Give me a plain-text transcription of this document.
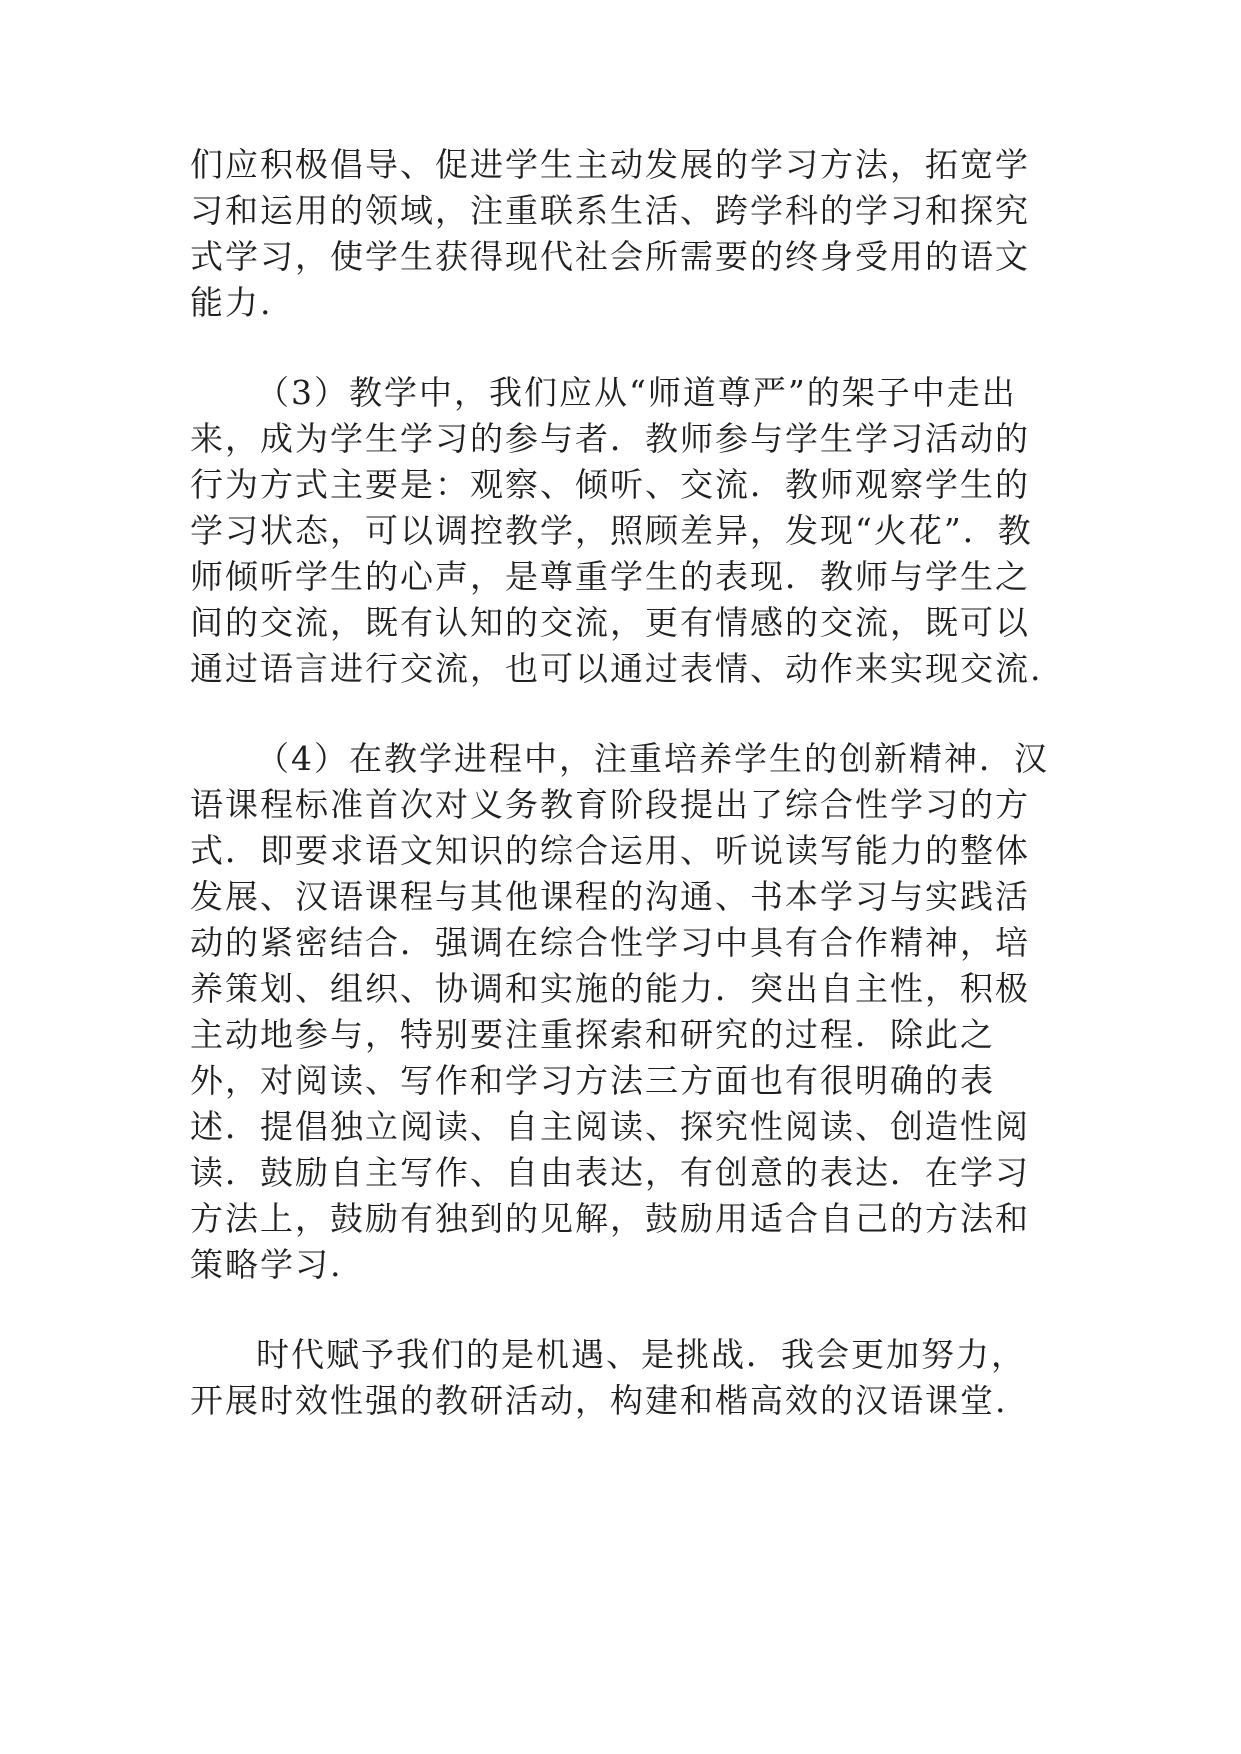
们应积极倡导、促进学生主动发展的学习方法，拓宽学习和运用的领域，注重联系生活、跨学科的学习和探究式学习，使学生获得现代社会所需要的终身受用的语文能力.

（3）教学中，我们应从“师道尊严”的架子中走出来，成为学生学习的参与者．教师参与学生学习活动的行为方式主要是：观察、倾听、交流．教师观察学生的学习状态，可以调控教学，照顾差异，发现“火花”．教师倾听学生的心声，是尊重学生的表现．教师与学生之间的交流，既有认知的交流，更有情感的交流，既可以通过语言进行交流，也可以通过表情、动作来实现交流.

（4）在教学进程中，注重培养学生的创新精神．汉语课程标准首次对义务教育阶段提出了综合性学习的方式．即要求语文知识的综合运用、听说读写能力的整体发展、汉语课程与其他课程的沟通、书本学习与实践活动的紧密结合．强调在综合性学习中具有合作精神，培养策划、组织、协调和实施的能力．突出自主性，积极主动地参与，特别要注重探索和研究的过程．除此之外，对阅读、写作和学习方法三方面也有很明确的表述．提倡独立阅读、自主阅读、探究性阅读、创造性阅读．鼓励自主写作、自由表达，有创意的表达．在学习方法上，鼓励有独到的见解，鼓励用适合自己的方法和策略学习.

时代赋予我们的是机遇、是挑战．我会更加努力，开展时效性强的教研活动，构建和楷高效的汉语课堂.
